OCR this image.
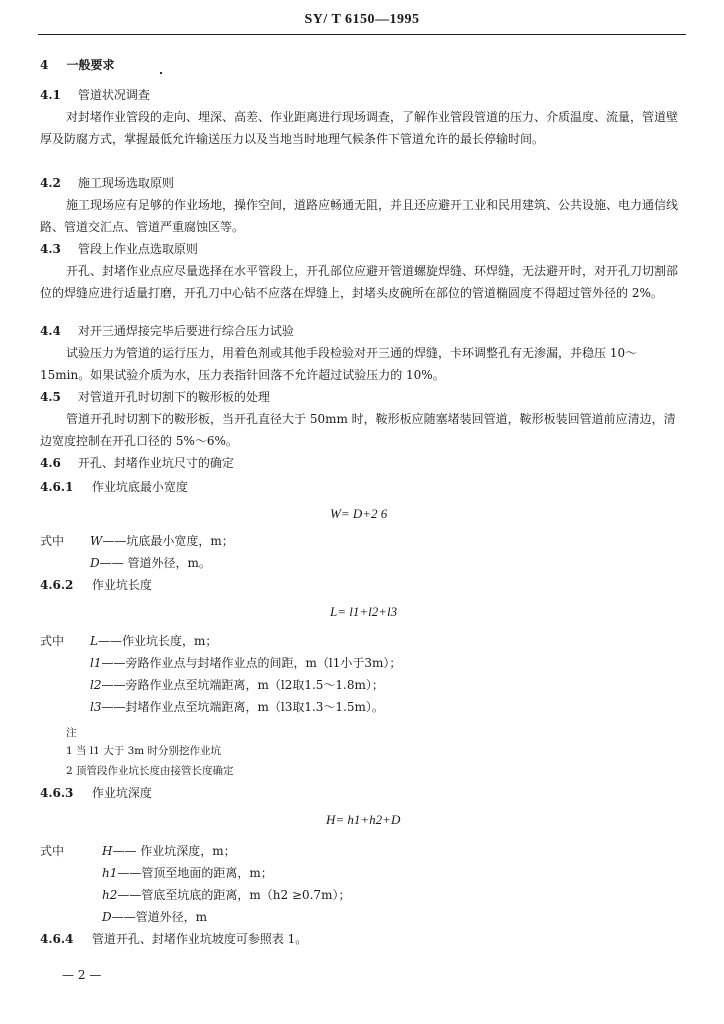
SY/ T 6150—1995
4 一般要求
4.1 管道状况调查
对封堵作业管段的走向、埋深、高差、作业距离进行现场调查，了解作业管段管道的压力、介质温度、流量，管道壁厚及防腐方式，掌握最低允许输送压力以及当地当时地理气候条件下管道允许的最长停输时间。
4.2 施工现场选取原则
施工现场应有足够的作业场地，操作空间，道路应畅通无阻，并且还应避开工业和民用建筑、公共设施、电力通信线路、管道交汇点、管道严重腐蚀区等。
4.3 管段上作业点选取原则
开孔、封堵作业点应尽量选择在水平管段上，开孔部位应避开管道螺旋焊缝、环焊缝，无法避开时，对开孔刀切割部位的焊缝应进行适量打磨，开孔刀中心钻不应落在焊缝上，封堵头皮碗所在部位的管道椭圆度不得超过管外径的 2%。
4.4 对开三通焊接完毕后要进行综合压力试验
试验压力为管道的运行压力，用着色剂或其他手段检验对开三通的焊缝，卡环调整孔有无渗漏，并稳压 10～15min。如果试验介质为水，压力表指针回落不允许超过试验压力的 10%。
4.5 对管道开孔时切割下的鞍形板的处理
管道开孔时切割下的鞍形板，当开孔直径大于 50mm 时，鞍形板应随塞堵装回管道，鞍形板装回管道前应清边，清边宽度控制在开孔口径的 5%～6%。
4.6 开孔、封堵作业坑尺寸的确定
4.6.1 作业坑底最小宽度
W= D+2 6
式中 W——坑底最小宽度，m；
D—— 管道外径，m。
4.6.2 作业坑长度
L= l1+l2+l3
式中 L——作业坑长度，m；
l1——旁路作业点与封堵作业点的间距，m（l1小于3m）；
l2——旁路作业点至坑端距离，m（l2取1.5～1.8m）；
l3——封堵作业点至坑端距离，m（l3取1.3～1.5m）。
注
1 当 l1 大于 3m 时分别挖作业坑
2 顶管段作业坑长度由接管长度确定
4.6.3 作业坑深度
H= h1+h2+D
式中	H—— 作业坑深度，m；
h1——管顶至地面的距离，m；
h2——管底至坑底的距离，m（h2 ≥0.7m）；
D——管道外径，m
4.6.4 管道开孔、封堵作业坑坡度可参照表 1。
— 2 —
